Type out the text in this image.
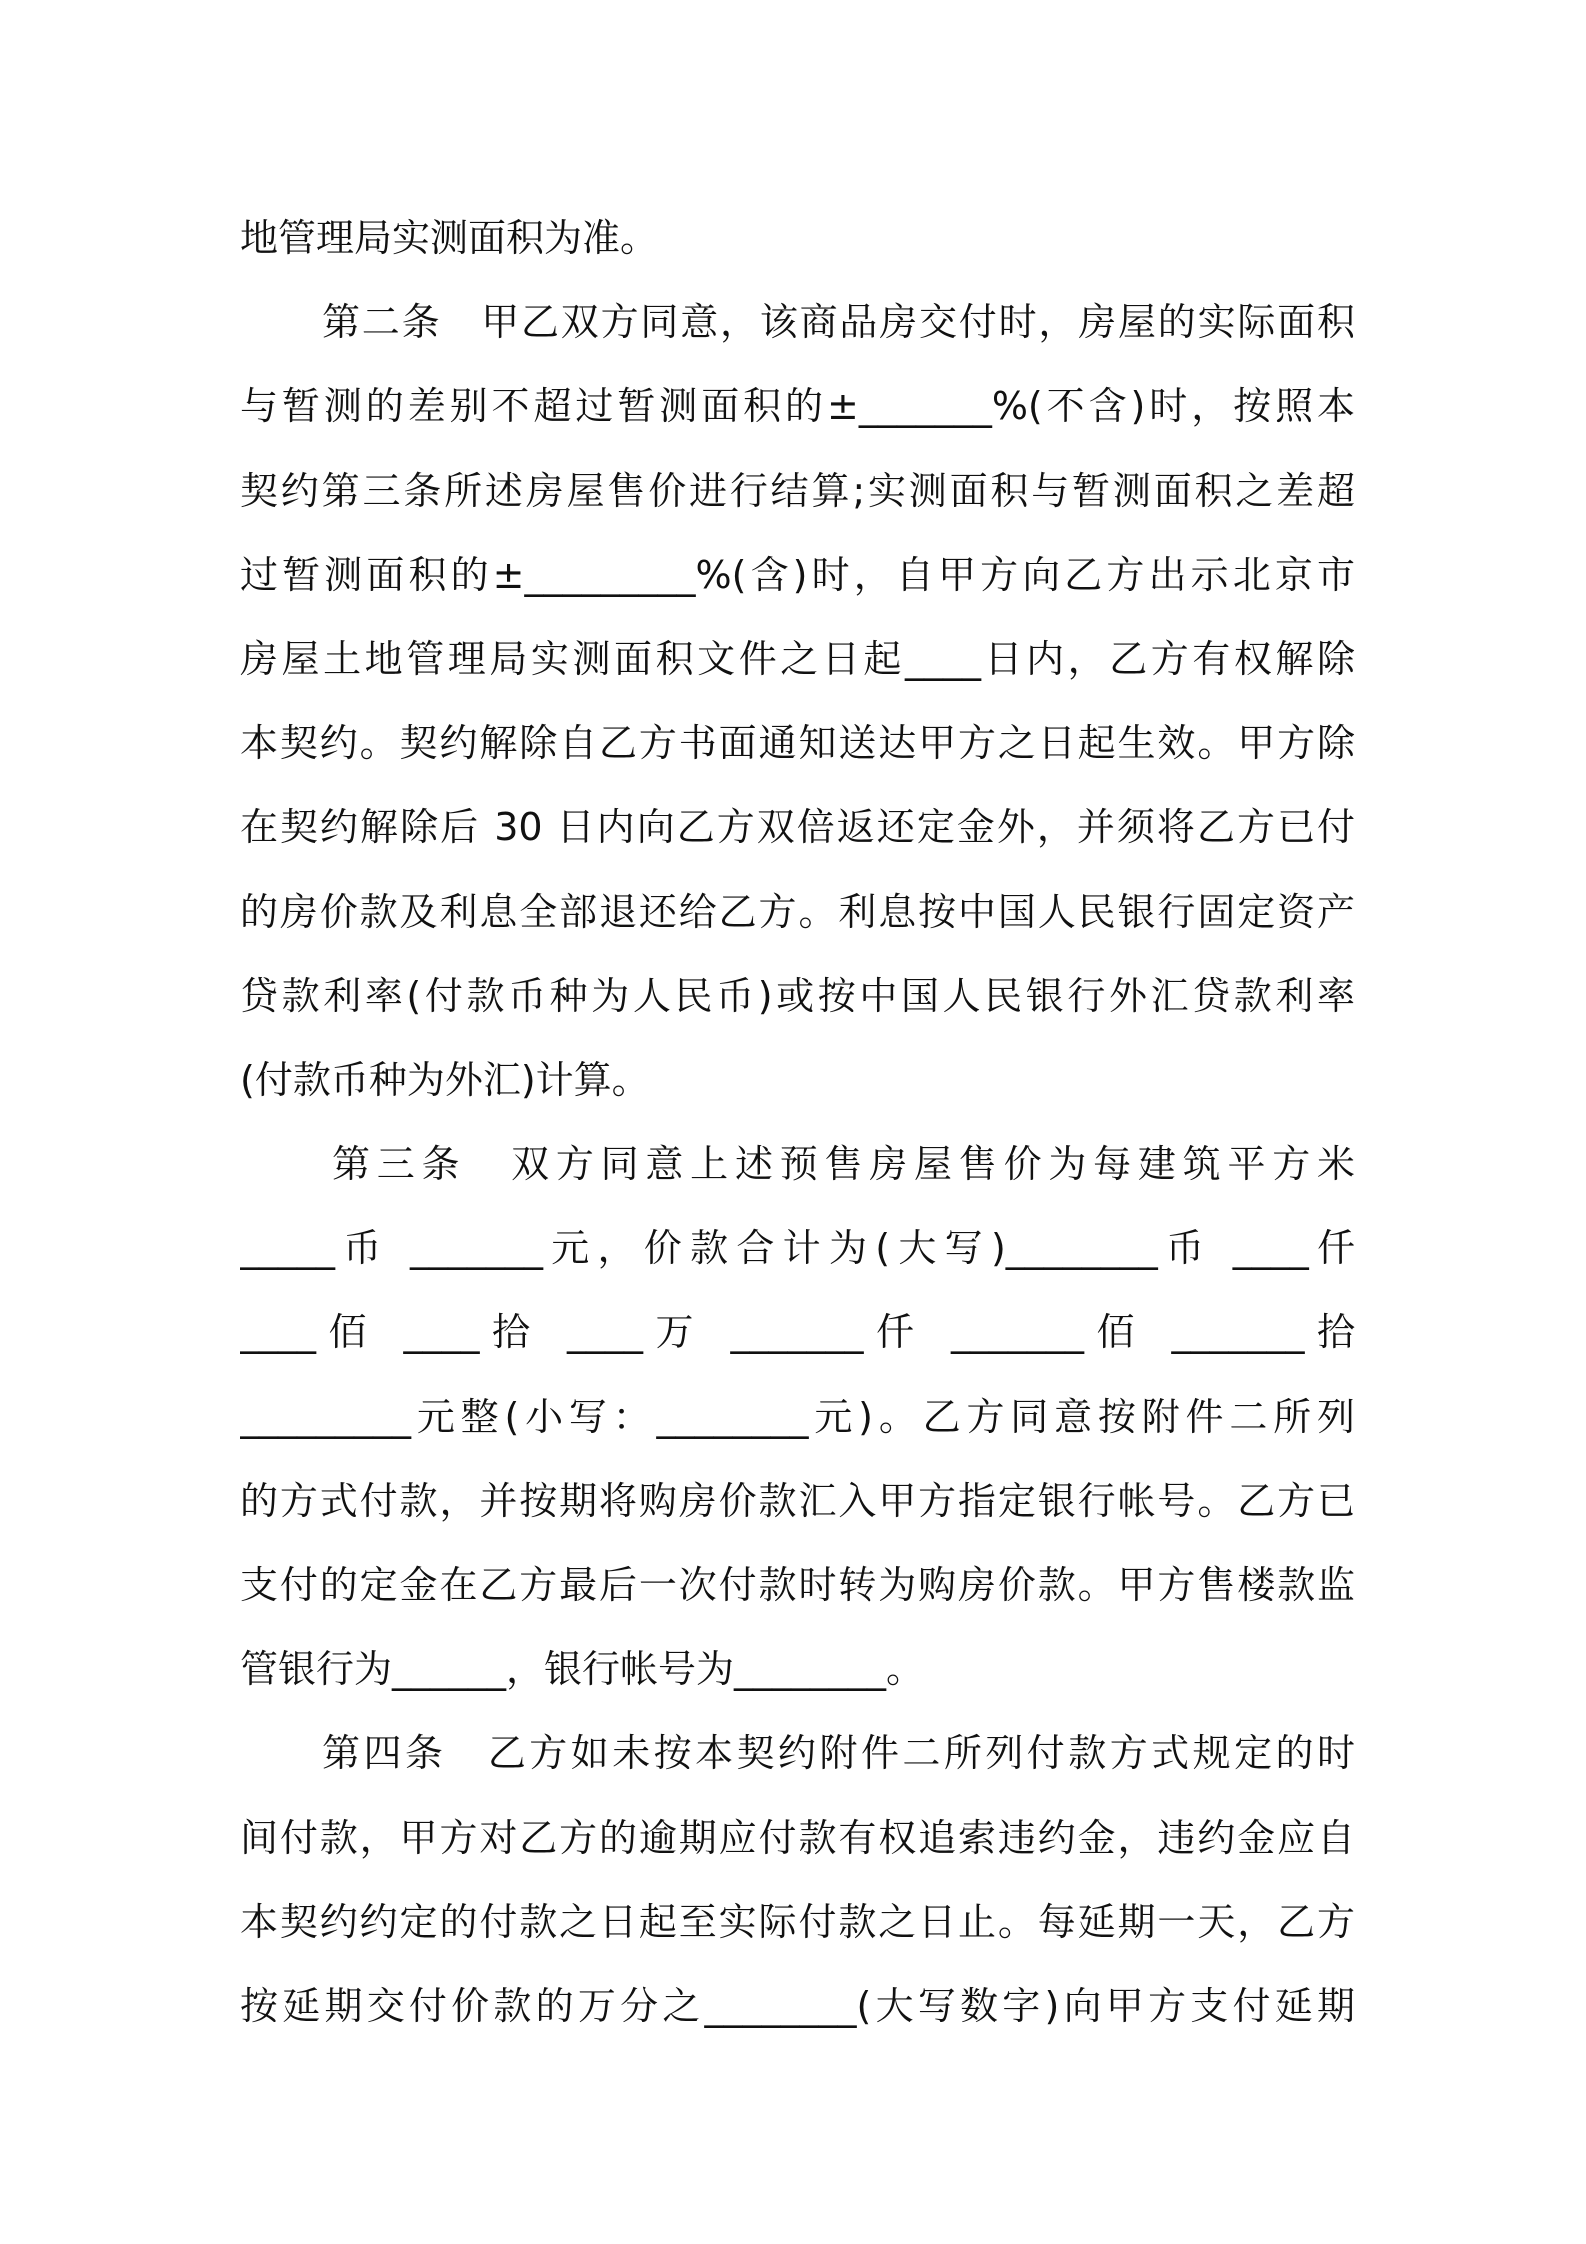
地管理局实测面积为准。
第二条　甲乙双方同意，该商品房交付时，房屋的实际面积
与暂测的差别不超过暂测面积的±_______%(不含)时，按照本
契约第三条所述房屋售价进行结算;实测面积与暂测面积之差超
过暂测面积的±_________%(含)时，自甲方向乙方出示北京市
房屋土地管理局实测面积文件之日起____日内，乙方有权解除
本契约。契约解除自乙方书面通知送达甲方之日起生效。甲方除
在契约解除后 30 日内向乙方双倍返还定金外，并须将乙方已付
的房价款及利息全部退还给乙方。利息按中国人民银行固定资产
贷款利率(付款币种为人民币)或按中国人民银行外汇贷款利率
(付款币种为外汇)计算。
第三条　双方同意上述预售房屋售价为每建筑平方米
_____币 _______元，价款合计为(大写)________币 ____仟
____佰 ____拾 ____万 _______仟 _______佰 _______拾
_________元整(小写：________元)。乙方同意按附件二所列
的方式付款，并按期将购房价款汇入甲方指定银行帐号。乙方已
支付的定金在乙方最后一次付款时转为购房价款。甲方售楼款监
管银行为______，银行帐号为________。
第四条　乙方如未按本契约附件二所列付款方式规定的时
间付款，甲方对乙方的逾期应付款有权追索违约金，违约金应自
本契约约定的付款之日起至实际付款之日止。每延期一天，乙方
按延期交付价款的万分之________(大写数字)向甲方支付延期
